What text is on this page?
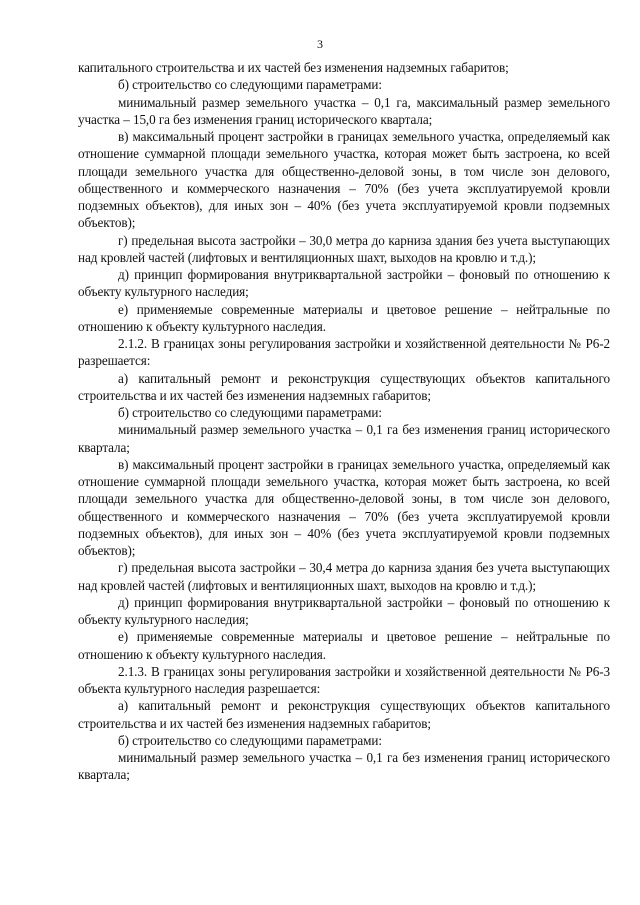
3

капитального строительства и их частей без изменения надземных габаритов;

б) строительство со следующими параметрами:

минимальный размер земельного участка – 0,1 га, максимальный размер земельного участка – 15,0 га без изменения границ исторического квартала;

в) максимальный процент застройки в границах земельного участка, определяемый как отношение суммарной площади земельного участка, которая может быть застроена, ко всей площади земельного участка для общественно-деловой зоны, в том числе зон делового, общественного и коммерческого назначения – 70% (без учета эксплуатируемой кровли подземных объектов), для иных зон – 40% (без учета эксплуатируемой кровли подземных объектов);

г) предельная высота застройки – 30,0 метра до карниза здания без учета выступающих над кровлей частей (лифтовых и вентиляционных шахт, выходов на кровлю и т.д.);

д) принцип формирования внутриквартальной застройки – фоновый по отношению к объекту культурного наследия;

е) применяемые современные материалы и цветовое решение – нейтральные по отношению к объекту культурного наследия.

2.1.2. В границах зоны регулирования застройки и хозяйственной деятельности № Р6-2 разрешается:

а) капитальный ремонт и реконструкция существующих объектов капитального строительства и их частей без изменения надземных габаритов;

б) строительство со следующими параметрами:

минимальный размер земельного участка – 0,1 га без изменения границ исторического квартала;

в) максимальный процент застройки в границах земельного участка, определяемый как отношение суммарной площади земельного участка, которая может быть застроена, ко всей площади земельного участка для общественно-деловой зоны, в том числе зон делового, общественного и коммерческого назначения – 70% (без учета эксплуатируемой кровли подземных объектов), для иных зон – 40% (без учета эксплуатируемой кровли подземных объектов);

г) предельная высота застройки – 30,4 метра до карниза здания без учета выступающих над кровлей частей (лифтовых и вентиляционных шахт, выходов на кровлю и т.д.);

д) принцип формирования внутриквартальной застройки – фоновый по отношению к объекту культурного наследия;

е) применяемые современные материалы и цветовое решение – нейтральные по отношению к объекту культурного наследия.

2.1.3. В границах зоны регулирования застройки и хозяйственной деятельности № Р6-3 объекта культурного наследия разрешается:

а) капитальный ремонт и реконструкция существующих объектов капитального строительства и их частей без изменения надземных габаритов;

б) строительство со следующими параметрами:

минимальный размер земельного участка – 0,1 га без изменения границ исторического квартала;
